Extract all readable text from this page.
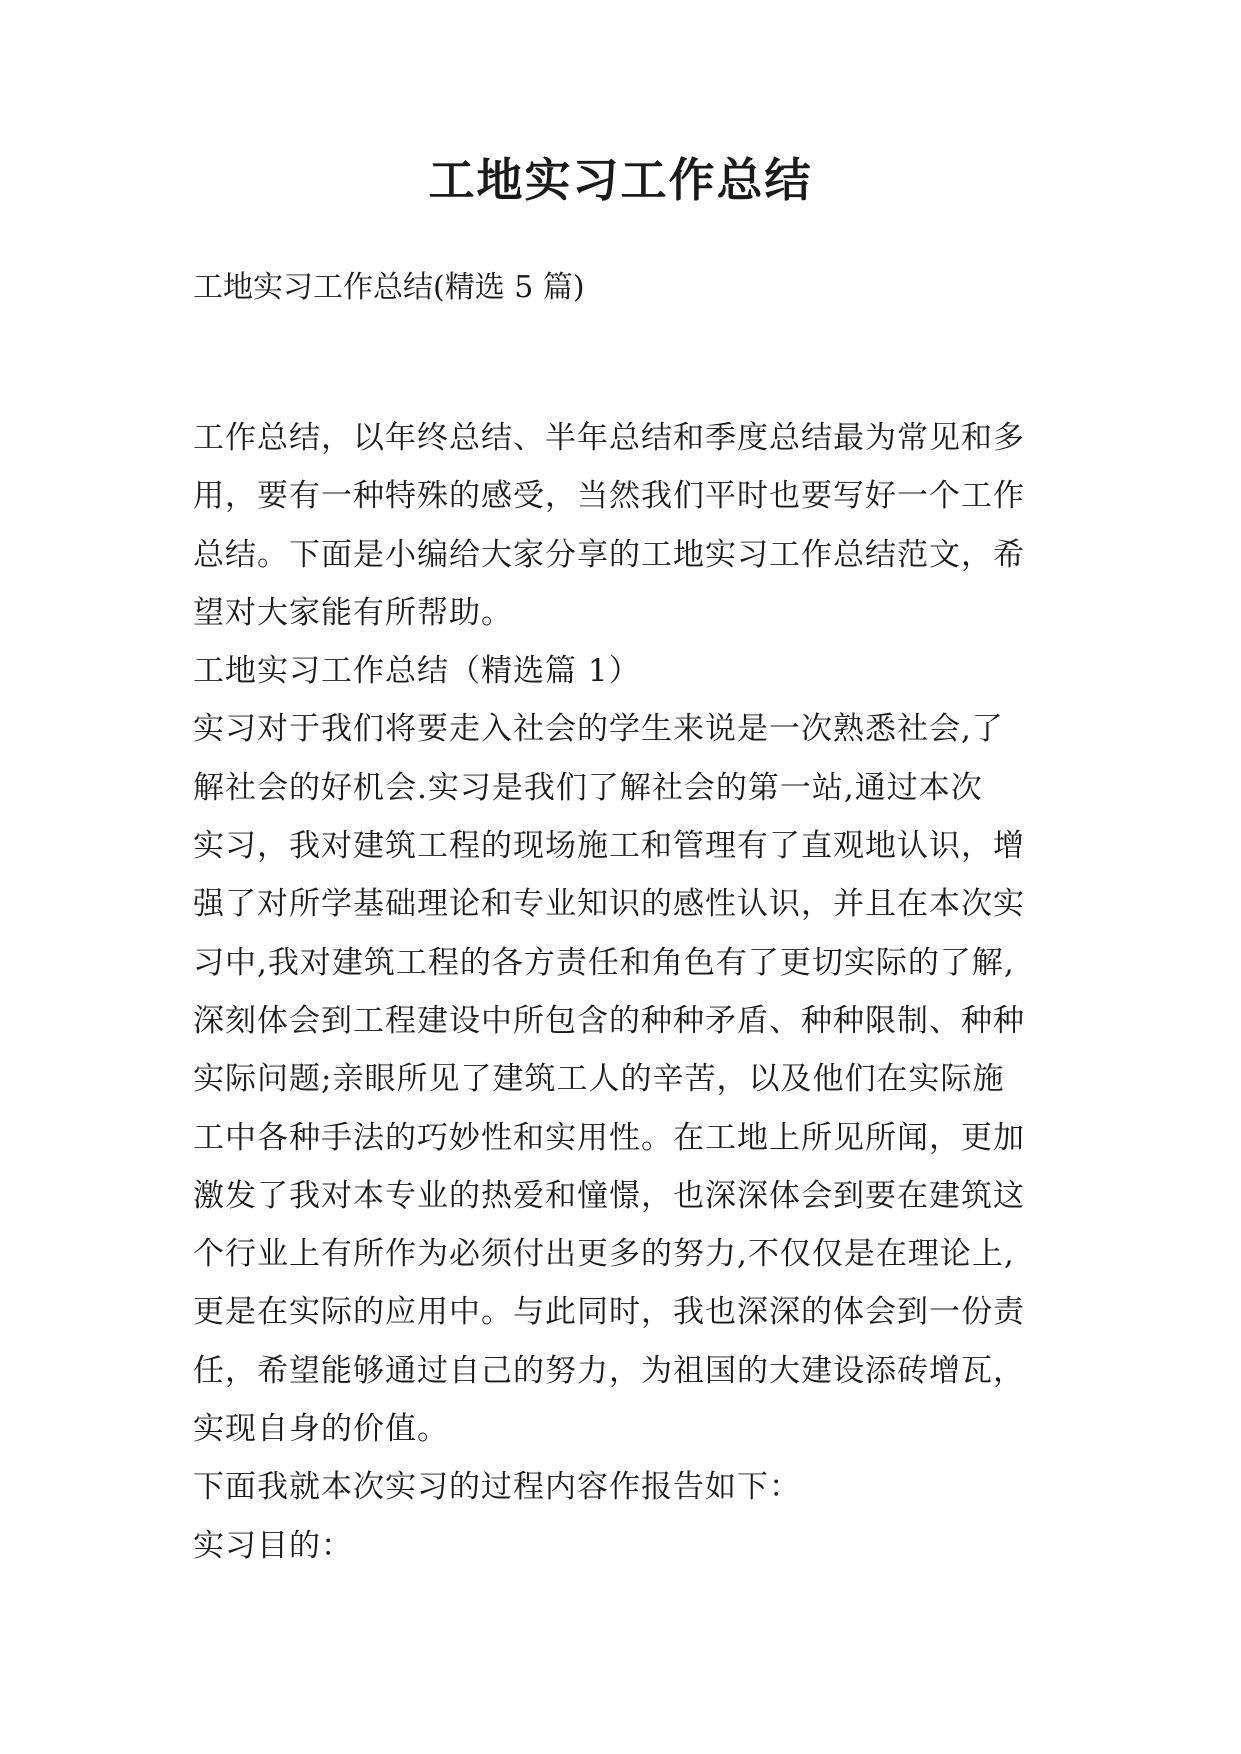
工地实习工作总结

工地实习工作总结(精选 5 篇)

工作总结，以年终总结、半年总结和季度总结最为常见和多
用，要有一种特殊的感受，当然我们平时也要写好一个工作
总结。下面是小编给大家分享的工地实习工作总结范文，希
望对大家能有所帮助。
工地实习工作总结（精选篇 1）
实习对于我们将要走入社会的学生来说是一次熟悉社会,了
解社会的好机会.实习是我们了解社会的第一站,通过本次
实习，我对建筑工程的现场施工和管理有了直观地认识，增
强了对所学基础理论和专业知识的感性认识，并且在本次实
习中,我对建筑工程的各方责任和角色有了更切实际的了解,
深刻体会到工程建设中所包含的种种矛盾、种种限制、种种
实际问题;亲眼所见了建筑工人的辛苦，以及他们在实际施
工中各种手法的巧妙性和实用性。在工地上所见所闻，更加
激发了我对本专业的热爱和憧憬，也深深体会到要在建筑这
个行业上有所作为必须付出更多的努力,不仅仅是在理论上,
更是在实际的应用中。与此同时，我也深深的体会到一份责
任，希望能够通过自己的努力，为祖国的大建设添砖增瓦，
实现自身的价值。
下面我就本次实习的过程内容作报告如下：
实习目的：
